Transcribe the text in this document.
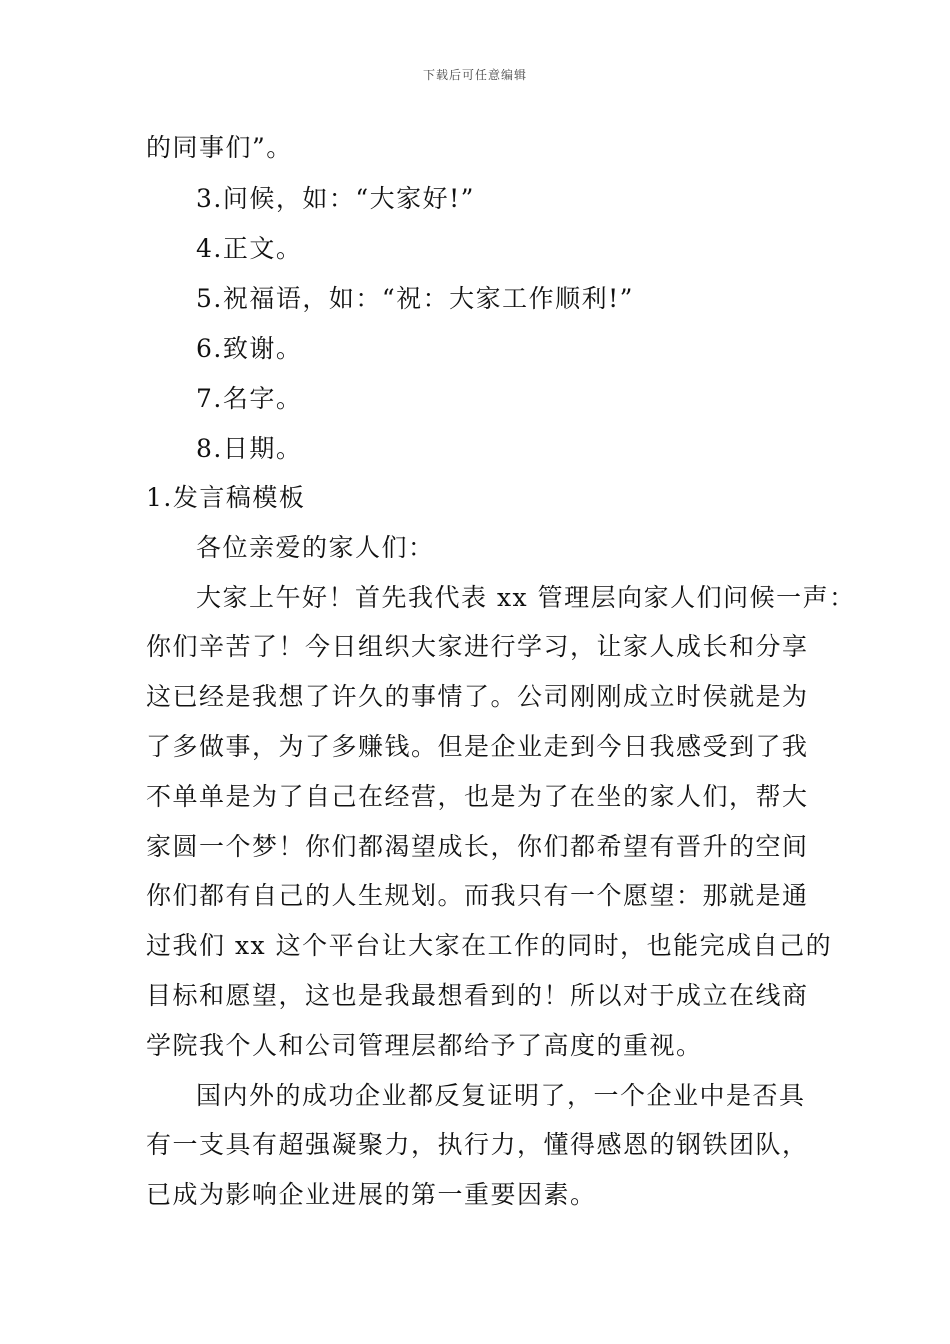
下载后可任意编辑
的同事们”。
3.问候，如：“大家好!”
4.正文。
5.祝福语，如：“祝：大家工作顺利!”
6.致谢。
7.名字。
8.日期。
1.发言稿模板
各位亲爱的家人们：
大家上午好！首先我代表 xx 管理层向家人们问候一声：
你们辛苦了！今日组织大家进行学习，让家人成长和分享
这已经是我想了许久的事情了。公司刚刚成立时侯就是为
了多做事，为了多赚钱。但是企业走到今日我感受到了我
不单单是为了自己在经营，也是为了在坐的家人们，帮大
家圆一个梦！你们都渴望成长，你们都希望有晋升的空间
你们都有自己的人生规划。而我只有一个愿望：那就是通
过我们 xx 这个平台让大家在工作的同时，也能完成自己的
目标和愿望，这也是我最想看到的！所以对于成立在线商
学院我个人和公司管理层都给予了高度的重视。
国内外的成功企业都反复证明了，一个企业中是否具
有一支具有超强凝聚力，执行力，懂得感恩的钢铁团队，
已成为影响企业进展的第一重要因素。
